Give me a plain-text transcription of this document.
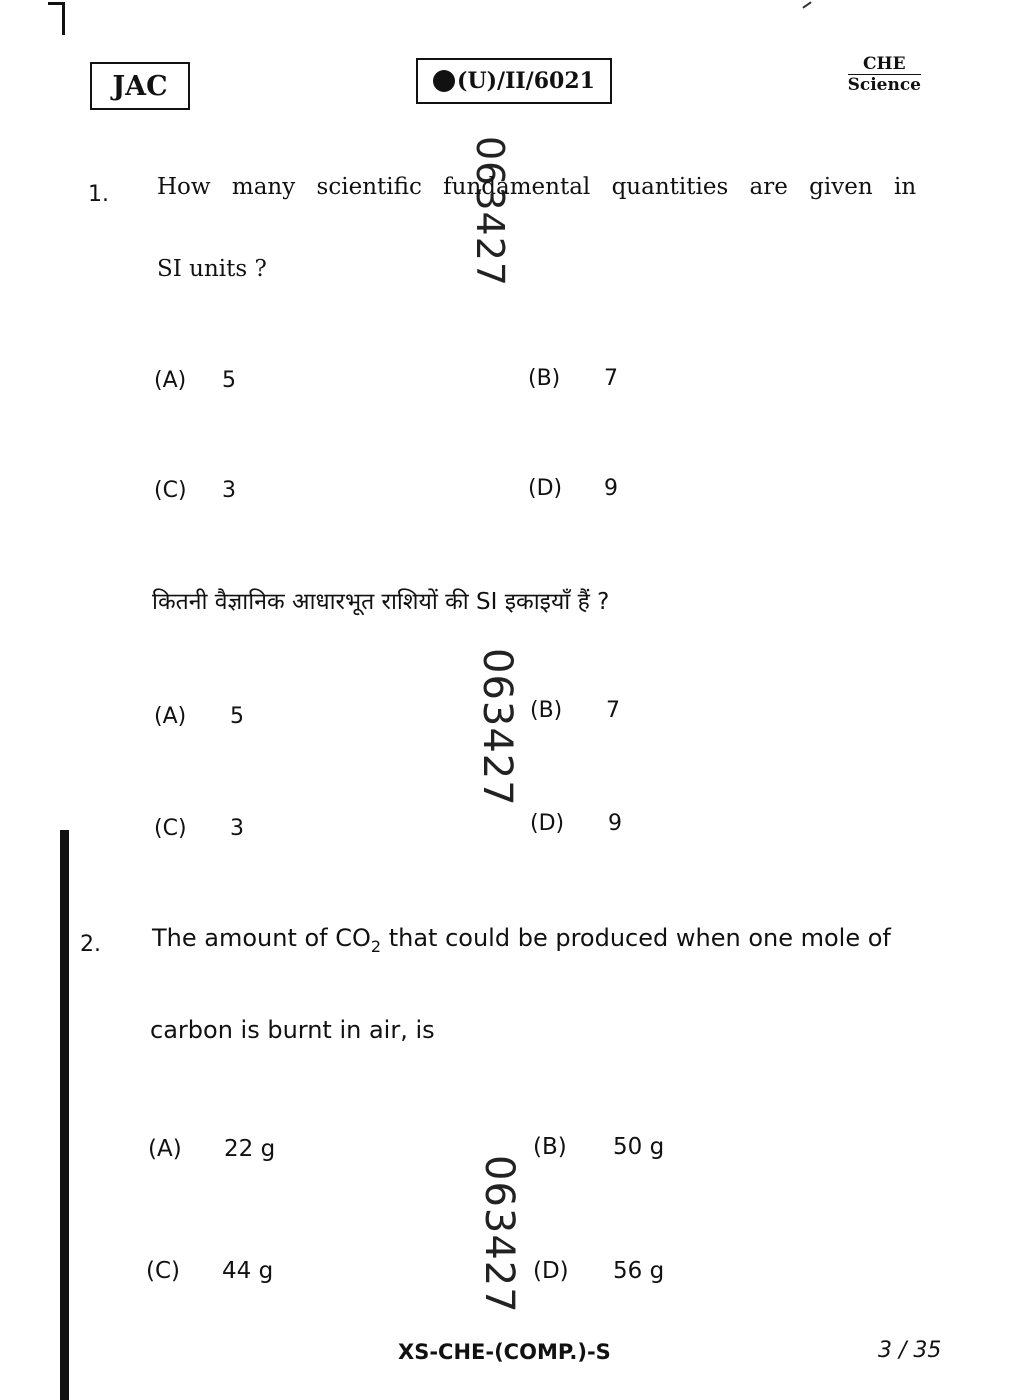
JAC	(U)/II/6021
CHE
Science
063427
063427
063427
1. How many scientific fundamental quantities are given in
SI units ?
(A) 5	(B) 7
(C) 3	(D) 9
कितनी वैज्ञानिक आधारभूत राशियों की SI इकाइयाँ हैं ?
(A) 5	(B) 7
(C) 3	(D) 9
2. The amount of $CO_2$ that could be produced when one mole of
carbon is burnt in air, is
(A) 22 g	(B) 50 g
(C) 44 g	(D) 56 g
XS-CHE-(COMP.)-S	3 / 35
